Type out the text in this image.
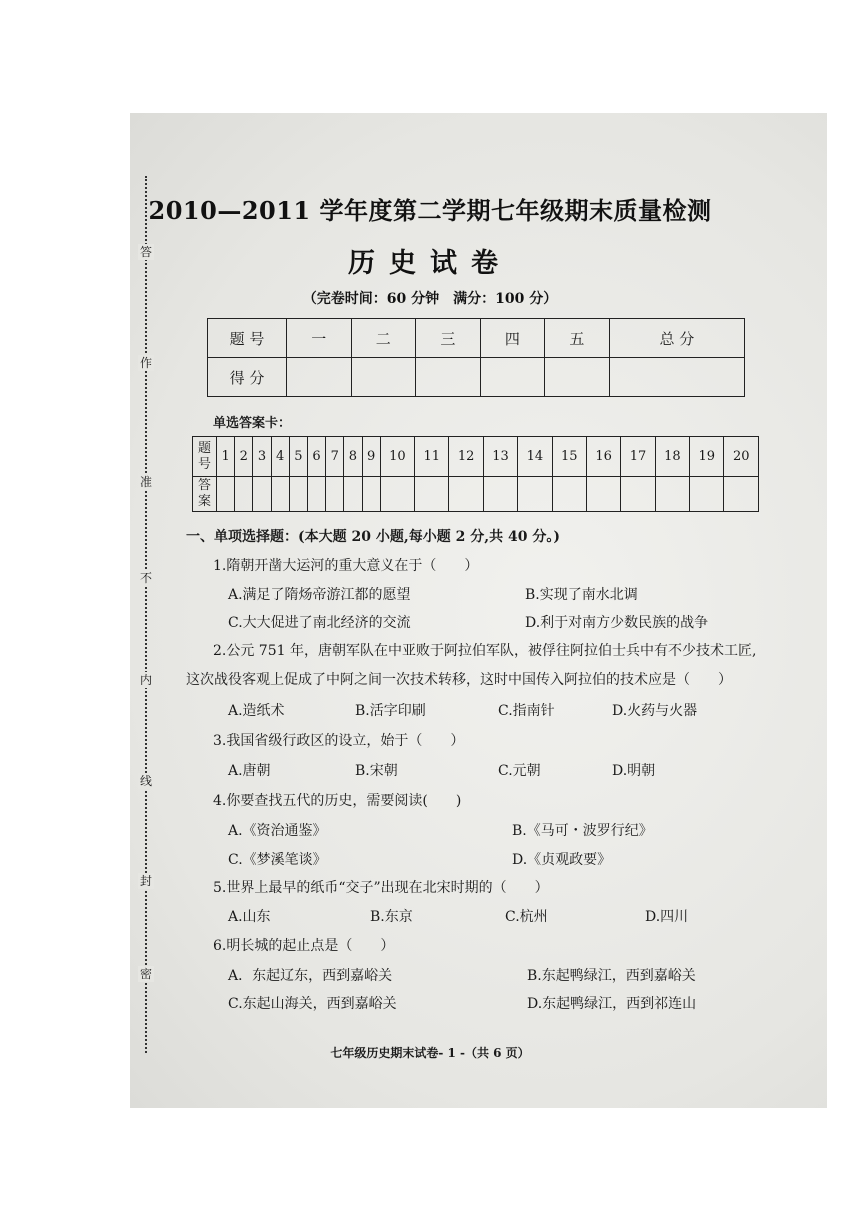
答
作
准
不
内
线
封
密
2010—2011 学年度第二学期七年级期末质量检测
历史试卷
（完卷时间：60 分钟　满分：100 分）
题 号	一	二	三	四	五	总 分
得 分						
单选答案卡：
题号	1	2	3	4	5	6	7	8	9	10	11	12	13	14	15	16	17	18	19	20
答案																				
一、单项选择题：(本大题 20 小题,每小题 2 分,共 40 分。)
1.隋朝开凿大运河的重大意义在于（　　）
A.满足了隋炀帝游江都的愿望	B.实现了南水北调
C.大大促进了南北经济的交流	D.利于对南方少数民族的战争
2.公元 751 年，唐朝军队在中亚败于阿拉伯军队，被俘往阿拉伯士兵中有不少技术工匠,
这次战役客观上促成了中阿之间一次技术转移，这时中国传入阿拉伯的技术应是（　　）
A.造纸术	B.活字印刷	C.指南针	D.火药与火器
3.我国省级行政区的设立，始于（　　）
A.唐朝	B.宋朝	C.元朝	D.明朝
4.你要查找五代的历史，需要阅读(　　)
A.《资治通鉴》	B.《马可・波罗行纪》
C.《梦溪笔谈》	D.《贞观政要》
5.世界上最早的纸币“交子”出现在北宋时期的（　　）
A.山东	B.东京	C.杭州	D.四川
6.明长城的起止点是（　　）
A．东起辽东，西到嘉峪关	B.东起鸭绿江，西到嘉峪关
C.东起山海关，西到嘉峪关	D.东起鸭绿江，西到祁连山
七年级历史期末试卷- 1 -（共 6 页）
